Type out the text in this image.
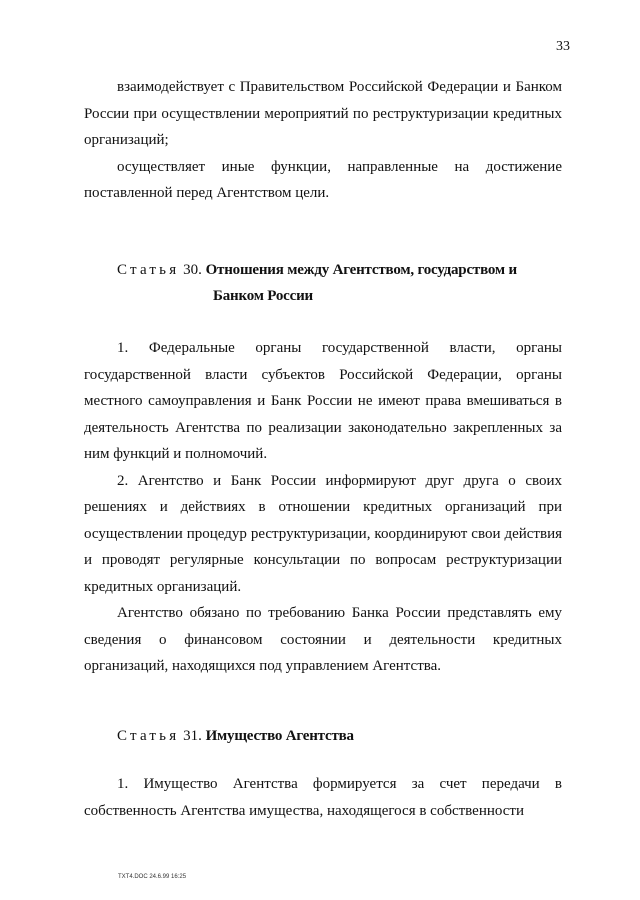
33

взаимодействует с Правительством Российской Федерации и Банком России при осуществлении мероприятий по реструктуризации кредитных организаций;

осуществляет иные функции, направленные на достижение поставленной перед Агентством цели.

Статья 30. Отношения между Агентством, государством и
Банком России

1. Федеральные органы государственной власти, органы государственной власти субъектов Российской Федерации, органы местного самоуправления и Банк России не имеют права вмешиваться в деятельность Агентства по реализации законодательно закрепленных за ним функций и полномочий.

2. Агентство и Банк России информируют друг друга о своих решениях и действиях в отношении кредитных организаций при осуществлении процедур реструктуризации, координируют свои действия и проводят регулярные консультации по вопросам реструктуризации кредитных организаций.

Агентство обязано по требованию Банка России представлять ему сведения о финансовом состоянии и деятельности кредитных организаций, находящихся под управлением Агентства.

Статья 31. Имущество Агентства

1. Имущество Агентства формируется за счет передачи в собственность Агентства имущества, находящегося в собственности

TXT4.DOC 24.6.99 16:25
